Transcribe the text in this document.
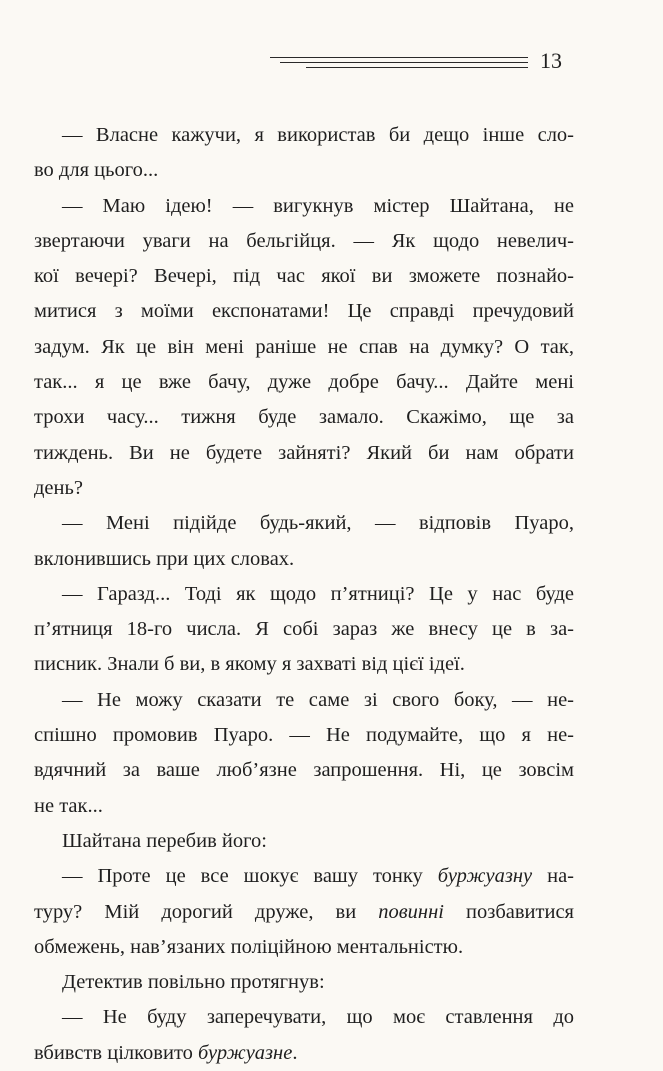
13
— Власне кажучи, я використав би дещо інше сло-
во для цього...
— Маю ідею! — вигукнув містер Шайтана, не
звертаючи уваги на бельгійця. — Як щодо невелич-
кої вечері? Вечері, під час якої ви зможете познайо-
митися з моїми експонатами! Це справді пречудовий
задум. Як це він мені раніше не спав на думку? О так,
так... я це вже бачу, дуже добре бачу... Дайте мені
трохи часу... тижня буде замало. Скажімо, ще за
тиждень. Ви не будете зайняті? Який би нам обрати
день?
— Мені підійде будь-який, — відповів Пуаро,
вклонившись при цих словах.
— Гаразд... Тоді як щодо п’ятниці? Це у нас буде
п’ятниця 18-го числа. Я собі зараз же внесу це в за-
писник. Знали б ви, в якому я захваті від цієї ідеї.
— Не можу сказати те саме зі свого боку, — не-
спішно промовив Пуаро. — Не подумайте, що я не-
вдячний за ваше люб’язне запрошення. Ні, це зовсім
не так...
Шайтана перебив його:
— Проте це все шокує вашу тонку буржуазну на-
туру? Мій дорогий друже, ви повинні позбавитися
обмежень, нав’язаних поліційною ментальністю.
Детектив повільно протягнув:
— Не буду заперечувати, що моє ставлення до
вбивств цілковито буржуазне.
